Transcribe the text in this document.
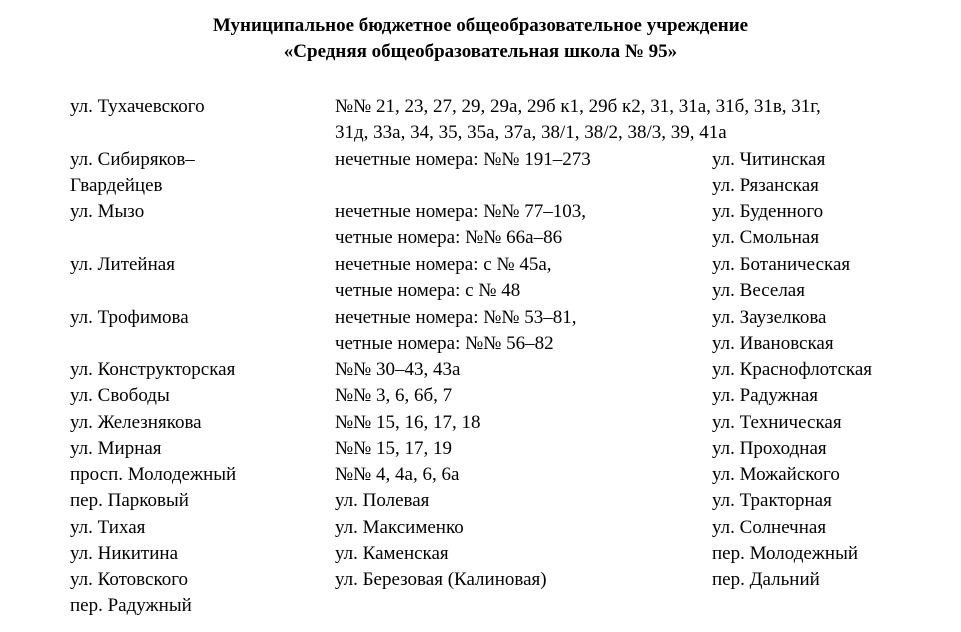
Муниципальное бюджетное общеобразовательное учреждение
«Средняя общеобразовательная школа № 95»
ул. Тухачевского
ул. Сибиряков–
Гвардейцев
ул. Мызо
ул. Литейная
ул. Трофимова
ул. Конструкторская
ул. Свободы
ул. Железнякова
ул. Мирная
просп. Молодежный
пер. Парковый
ул. Тихая
ул. Никитина
ул. Котовского
пер. Радужный
№№ 21, 23, 27, 29, 29а, 29б к1, 29б к2, 31, 31а, 31б, 31в, 31г,
31д, 33а, 34, 35, 35а, 37а, 38/1, 38/2, 38/3, 39, 41а
нечетные номера: №№ 191–273
нечетные номера: №№ 77–103,
четные номера: №№ 66а–86
нечетные номера: с № 45а,
четные номера: с № 48
нечетные номера: №№ 53–81,
четные номера: №№ 56–82
№№ 30–43, 43а
№№ 3, 6, 6б, 7
№№ 15, 16, 17, 18
№№ 15, 17, 19
№№ 4, 4а, 6, 6а
ул. Полевая
ул. Максименко
ул. Каменская
ул. Березовая (Калиновая)
ул. Читинская
ул. Рязанская
ул. Буденного
ул. Смольная
ул. Ботаническая
ул. Веселая
ул. Заузелкова
ул. Ивановская
ул. Краснофлотская
ул. Радужная
ул. Техническая
ул. Проходная
ул. Можайского
ул. Тракторная
ул. Солнечная
пер. Молодежный
пер. Дальний
